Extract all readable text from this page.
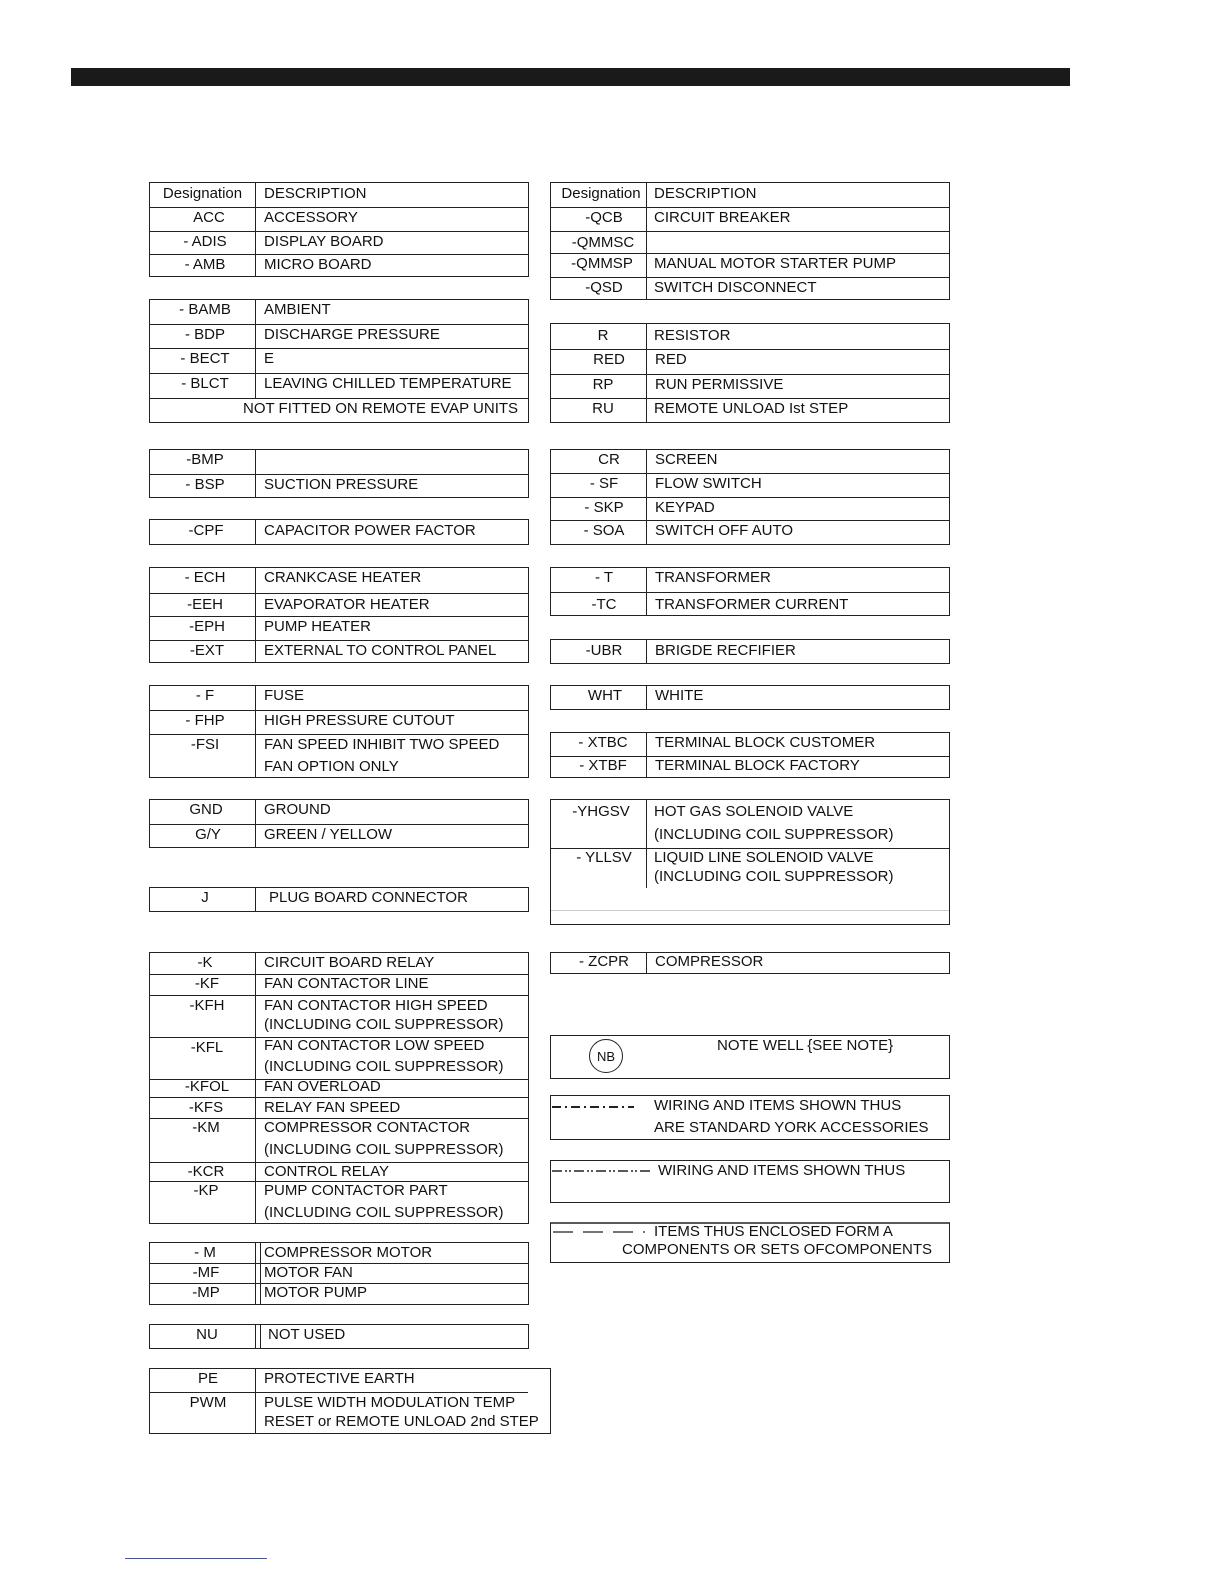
Designation	DESCRIPTION
ACC	ACCESSORY
- ADIS	DISPLAY BOARD
- AMB	MICRO BOARD
- BAMB	AMBIENT
- BDP	DISCHARGE PRESSURE
- BECT	E
- BLCT	LEAVING CHILLED TEMPERATURE
NOT FITTED ON REMOTE EVAP UNITS
-BMP
- BSP	SUCTION PRESSURE
-CPF	CAPACITOR POWER FACTOR
- ECH	CRANKCASE HEATER
-EEH	EVAPORATOR HEATER
-EPH	PUMP HEATER
-EXT	EXTERNAL TO CONTROL PANEL
- F	FUSE
- FHP	HIGH PRESSURE CUTOUT
-FSI	FAN SPEED INHIBIT TWO SPEED
FAN OPTION ONLY
GND	GROUND
G/Y	GREEN / YELLOW
J	PLUG BOARD CONNECTOR
-K	CIRCUIT BOARD RELAY
-KF	FAN CONTACTOR LINE
-KFH	FAN CONTACTOR HIGH SPEED
(INCLUDING COIL SUPPRESSOR)
-KFL	FAN CONTACTOR LOW SPEED
(INCLUDING COIL SUPPRESSOR)
-KFOL	FAN OVERLOAD
-KFS	RELAY FAN SPEED
-KM	COMPRESSOR CONTACTOR
(INCLUDING COIL SUPPRESSOR)
-KCR	CONTROL RELAY
-KP	PUMP CONTACTOR PART
(INCLUDING COIL SUPPRESSOR)
- M	COMPRESSOR MOTOR
-MF	MOTOR FAN
-MP	MOTOR PUMP
NU	NOT USED
PE	PROTECTIVE EARTH
PWM	PULSE WIDTH MODULATION TEMP
RESET or REMOTE UNLOAD 2nd STEP
Designation DESCRIPTION
-QCB	CIRCUIT BREAKER
-QMMSC
-QMMSP	MANUAL MOTOR STARTER PUMP
-QSD	SWITCH DISCONNECT
R	RESISTOR
RED	RED
RP	RUN PERMISSIVE
RU	REMOTE UNLOAD Ist STEP
CR	SCREEN
- SF	FLOW SWITCH
- SKP	KEYPAD
- SOA	SWITCH OFF AUTO
- T	TRANSFORMER
-TC	TRANSFORMER CURRENT
-UBR	BRIGDE RECFIFIER
WHT	WHITE
- XTBC	TERMINAL BLOCK CUSTOMER
- XTBF	TERMINAL BLOCK FACTORY
-YHGSV	HOT GAS SOLENOID VALVE
(INCLUDING COIL SUPPRESSOR)
- YLLSV	LIQUID LINE SOLENOID VALVE
(INCLUDING COIL SUPPRESSOR)
- ZCPR	COMPRESSOR
NB
NOTE WELL {SEE NOTE}
WIRING AND ITEMS SHOWN THUS
ARE STANDARD YORK ACCESSORIES
WIRING AND ITEMS SHOWN THUS
ITEMS THUS ENCLOSED FORM A
COMPONENTS OR SETS OFCOMPONENTS
